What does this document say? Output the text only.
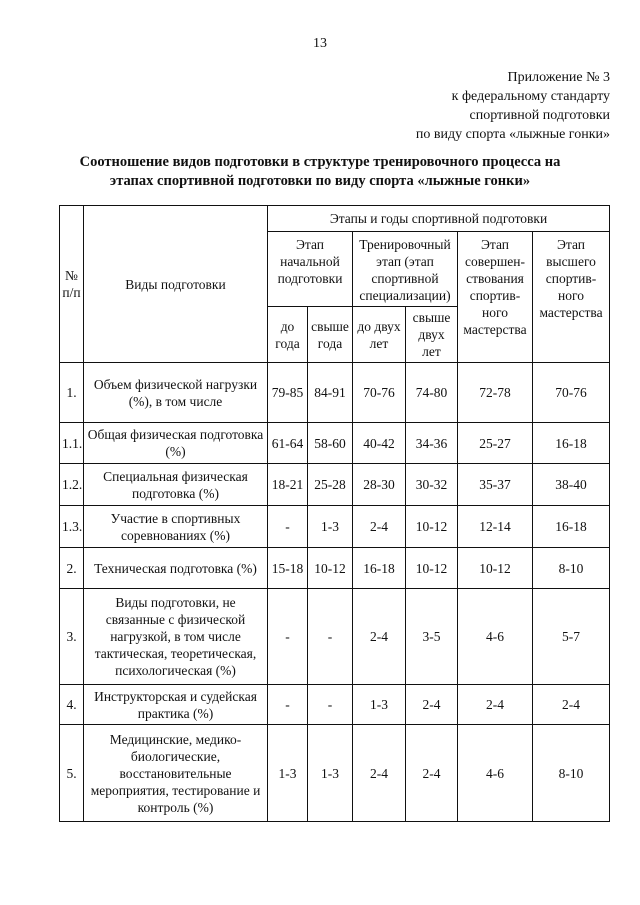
13
Приложение № 3
к федеральному стандарту
спортивной подготовки
по виду спорта «лыжные гонки»
Соотношение видов подготовки в структуре тренировочного процесса на
этапах спортивной подготовки по виду спорта «лыжные гонки»
№ п/п	Виды подготовки	Этапы и годы спортивной подготовки					
		Этап начальной подготовки		Тренировочный этап (этап спортивной специализации)		Этап совершен-ствования спортив-ного мастерства	Этап высшего спортив-ного мастерства
		до года	свыше года	до двух лет	свыше двух лет		
1.	Объем физической нагрузки (%), в том числе	79-85	84-91	70-76	74-80	72-78	70-76
1.1.	Общая физическая подготовка (%)	61-64	58-60	40-42	34-36	25-27	16-18
1.2.	Специальная физическая подготовка (%)	18-21	25-28	28-30	30-32	35-37	38-40
1.3.	Участие в спортивных соревнованиях (%)	-	1-3	2-4	10-12	12-14	16-18
2.	Техническая подготовка (%)	15-18	10-12	16-18	10-12	10-12	8-10
3.	Виды подготовки, не связанные с физической нагрузкой, в том числе тактическая, теоретическая, психологическая (%)	-	-	2-4	3-5	4-6	5-7
4.	Инструкторская и судейская практика (%)	-	-	1-3	2-4	2-4	2-4
5.	Медицинские, медико-биологические, восстановительные мероприятия, тестирование и контроль (%)	1-3	1-3	2-4	2-4	4-6	8-10
